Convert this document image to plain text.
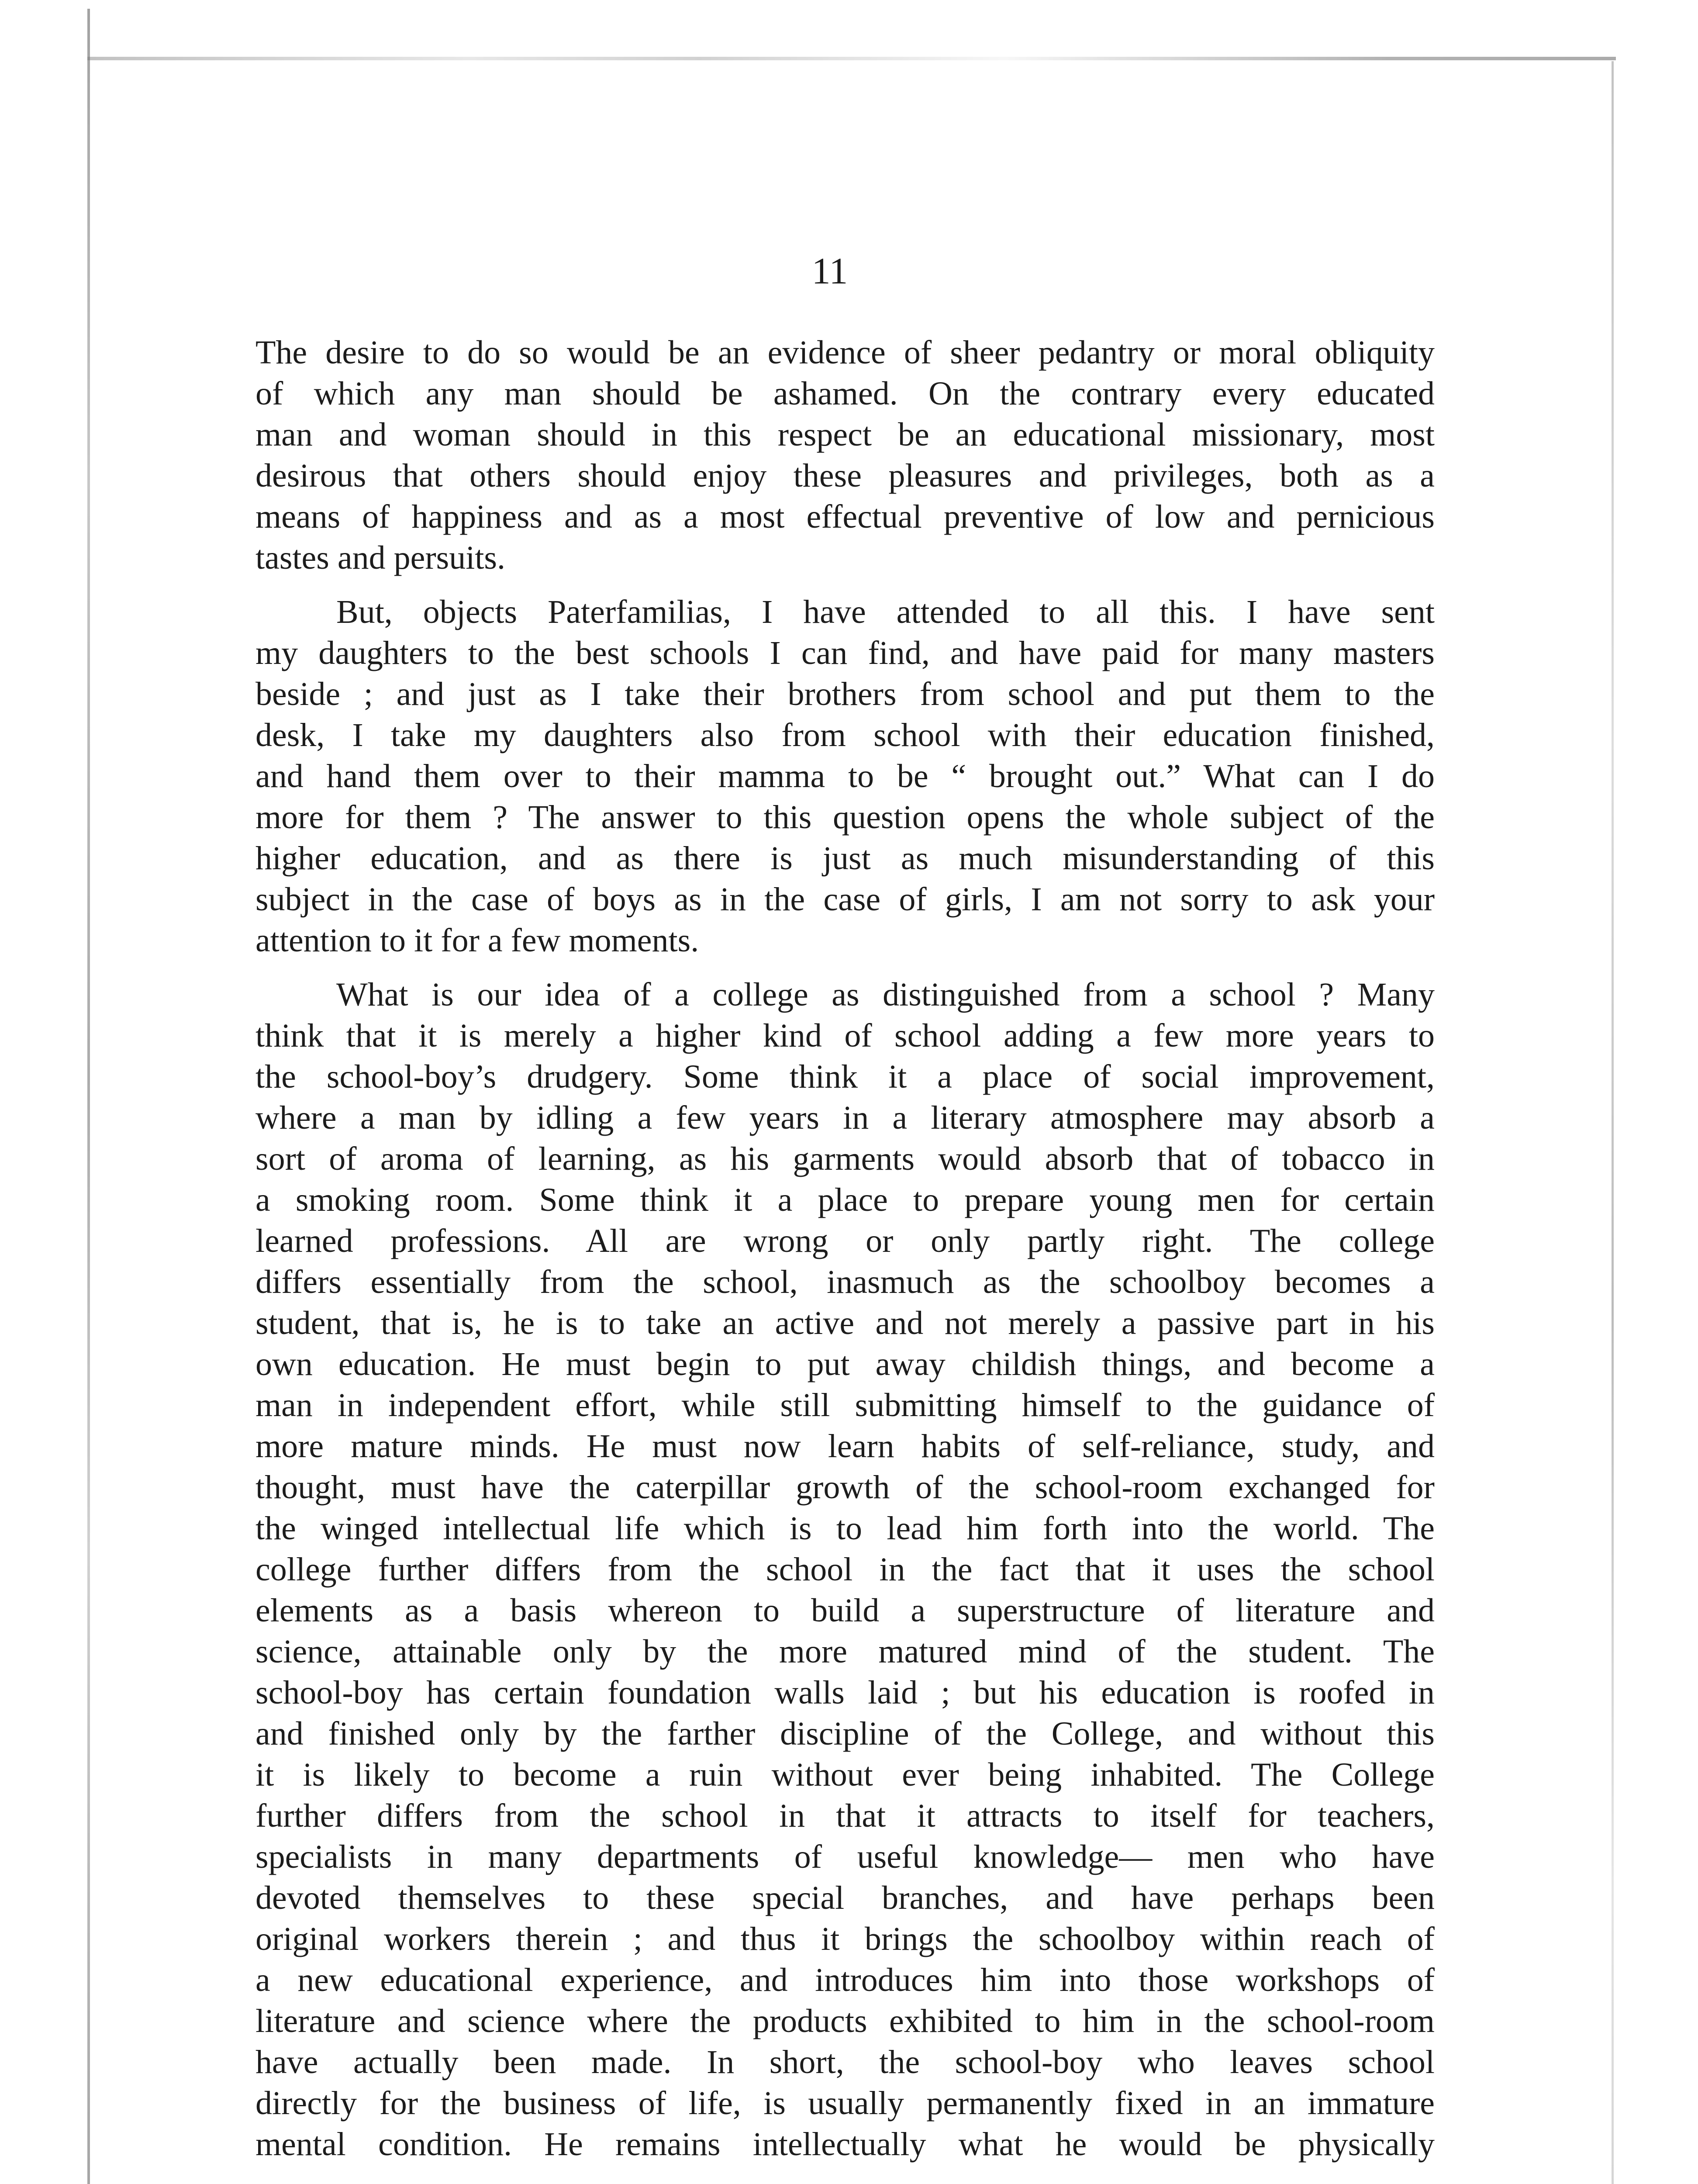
11

The desire to do so would be an evidence of sheer pedantry or moral obliquity
of which any man should be ashamed. On the contrary every educated
man and woman should in this respect be an educational missionary, most
desirous that others should enjoy these pleasures and privileges, both as a
means of happiness and as a most effectual preventive of low and pernicious
tastes and persuits.

But, objects Paterfamilias, I have attended to all this. I have sent
my daughters to the best schools I can find, and have paid for many masters
beside ; and just as I take their brothers from school and put them to the
desk, I take my daughters also from school with their education finished,
and hand them over to their mamma to be “ brought out.” What can I do
more for them ? The answer to this question opens the whole subject of the
higher education, and as there is just as much misunderstanding of this
subject in the case of boys as in the case of girls, I am not sorry to ask your
attention to it for a few moments.

What is our idea of a college as distinguished from a school ? Many
think that it is merely a higher kind of school adding a few more years to
the school-boy’s drudgery. Some think it a place of social improvement,
where a man by idling a few years in a literary atmosphere may absorb a
sort of aroma of learning, as his garments would absorb that of tobacco in
a smoking room. Some think it a place to prepare young men for certain
learned professions. All are wrong or only partly right. The college
differs essentially from the school, inasmuch as the schoolboy becomes a
student, that is, he is to take an active and not merely a passive part in his
own education. He must begin to put away childish things, and become a
man in independent effort, while still submitting himself to the guidance of
more mature minds. He must now learn habits of self-reliance, study, and
thought, must have the caterpillar growth of the school-room exchanged for
the winged intellectual life which is to lead him forth into the world. The
college further differs from the school in the fact that it uses the school
elements as a basis whereon to build a superstructure of literature and
science, attainable only by the more matured mind of the student. The
school-boy has certain foundation walls laid ; but his education is roofed in
and finished only by the farther discipline of the College, and without this
it is likely to become a ruin without ever being inhabited. The College
further differs from the school in that it attracts to itself for teachers,
specialists in many departments of useful knowledge— men who have
devoted themselves to these special branches, and have perhaps been
original workers therein ; and thus it brings the schoolboy within reach of
a new educational experience, and introduces him into those workshops of
literature and science where the products exhibited to him in the school-room
have actually been made. In short, the school-boy who leaves school
directly for the business of life, is usually permanently fixed in an immature
mental condition. He remains intellectually what he would be physically
